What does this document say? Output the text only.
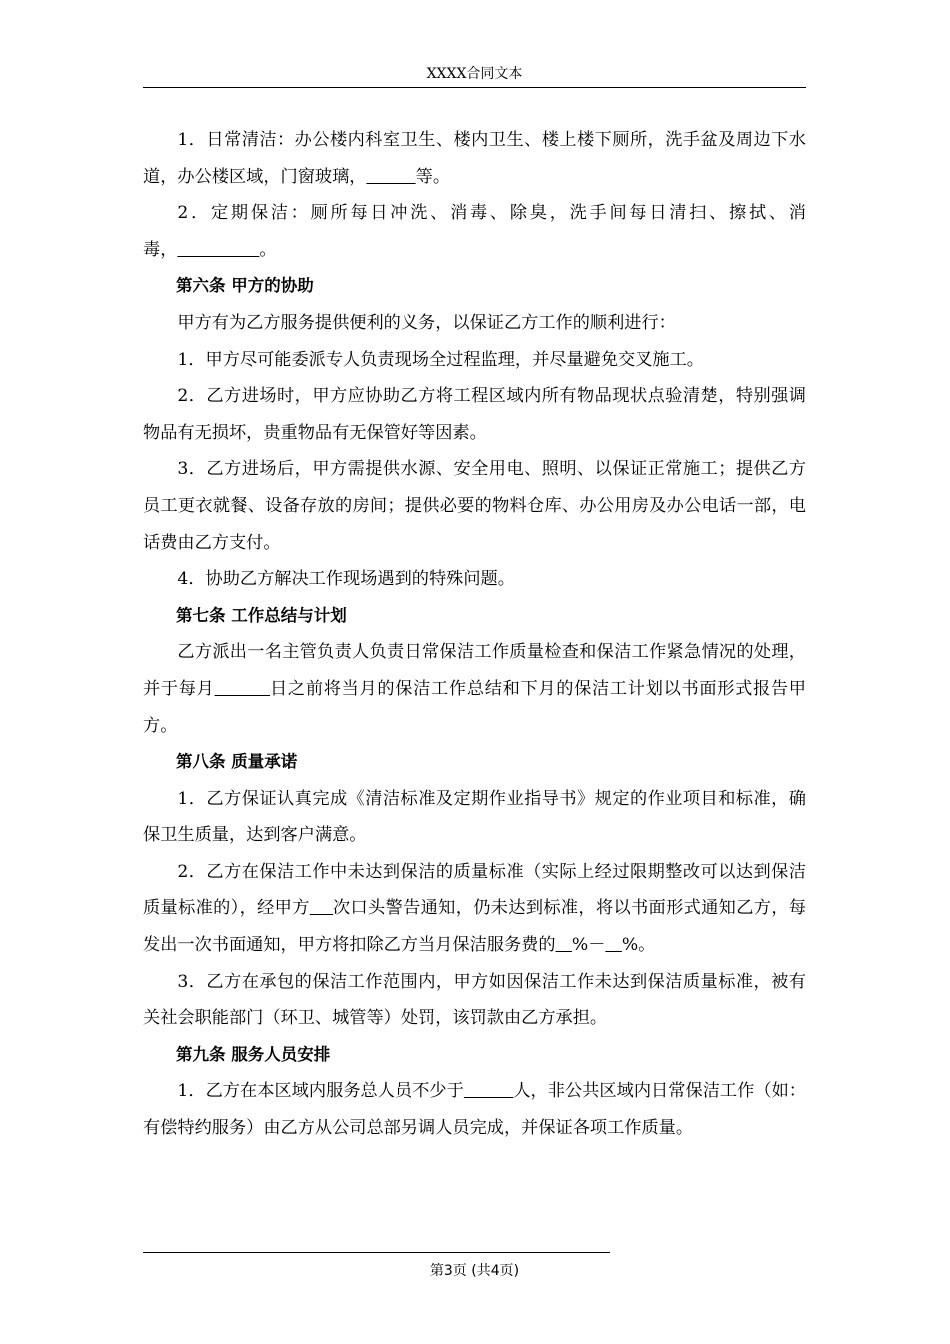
XXXX合同文本

1．日常清洁：办公楼内科室卫生、楼内卫生、楼上楼下厕所，洗手盆及周边下水道，办公楼区域，门窗玻璃，	等。

2．定期保洁：厕所每日冲洗、消毒、除臭，洗手间每日清扫、擦拭、消毒，	。

第六条 甲方的协助

甲方有为乙方服务提供便利的义务，以保证乙方工作的顺利进行：

1．甲方尽可能委派专人负责现场全过程监理，并尽量避免交叉施工。

2．乙方进场时，甲方应协助乙方将工程区域内所有物品现状点验清楚，特别强调物品有无损坏，贵重物品有无保管好等因素。

3．乙方进场后，甲方需提供水源、安全用电、照明、以保证正常施工；提供乙方员工更衣就餐、设备存放的房间；提供必要的物料仓库、办公用房及办公电话一部，电话费由乙方支付。

4．协助乙方解决工作现场遇到的特殊问题。

第七条 工作总结与计划

乙方派出一名主管负责人负责日常保洁工作质量检查和保洁工作紧急情况的处理，并于每月	日之前将当月的保洁工作总结和下月的保洁工计划以书面形式报告甲方。

第八条 质量承诺

1．乙方保证认真完成《清洁标准及定期作业指导书》规定的作业项目和标准，确保卫生质量，达到客户满意。

2．乙方在保洁工作中未达到保洁的质量标准（实际上经过限期整改可以达到保洁质量标准的），经甲方 次口头警告通知，仍未达到标准，将以书面形式通知乙方，每发出一次书面通知，甲方将扣除乙方当月保洁服务费的 %－ %。

3．乙方在承包的保洁工作范围内，甲方如因保洁工作未达到保洁质量标准，被有关社会职能部门（环卫、城管等）处罚，该罚款由乙方承担。

第九条 服务人员安排

1．乙方在本区域内服务总人员不少于	人，非公共区域内日常保洁工作（如：有偿特约服务）由乙方从公司总部另调人员完成，并保证各项工作质量。

第3页 (共4页)
